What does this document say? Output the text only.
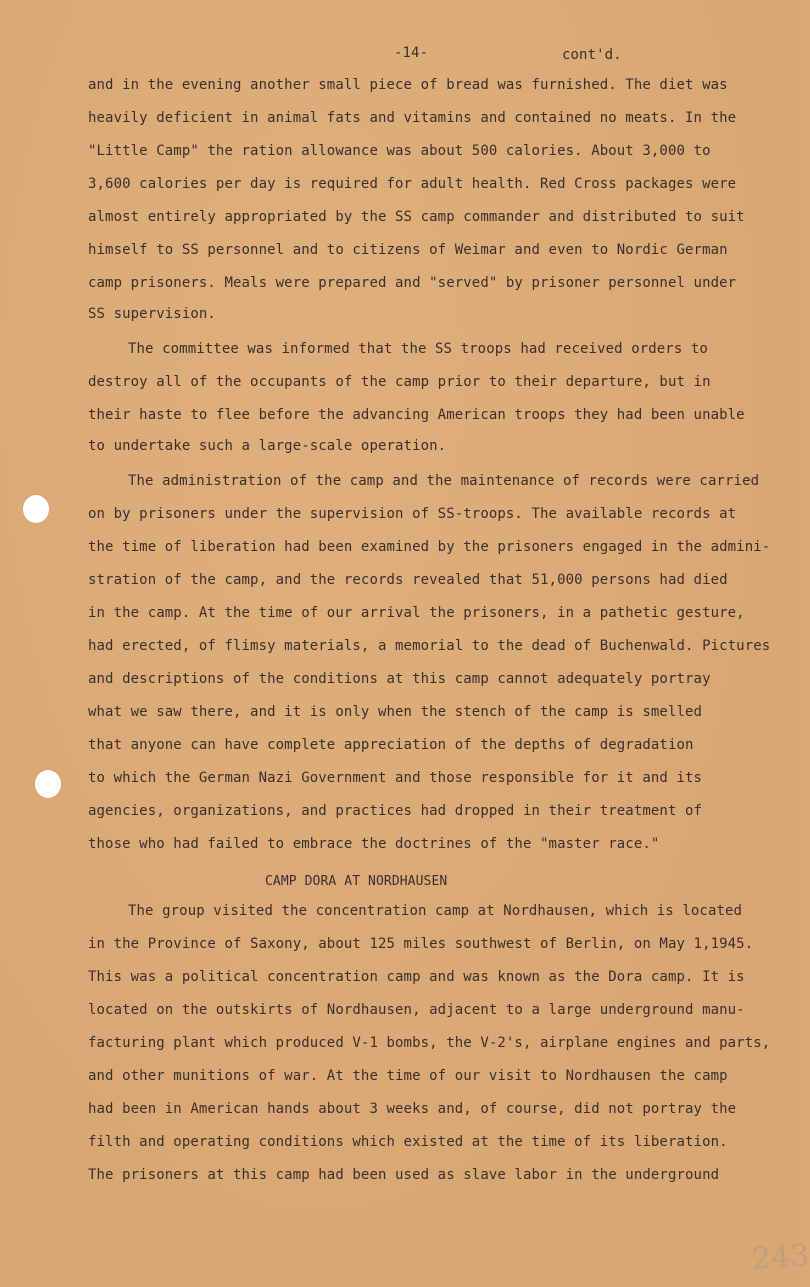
-14-	cont'd.
and in the evening another small piece of bread was furnished. The diet was
heavily deficient in animal fats and vitamins and contained no meats. In the
"Little Camp" the ration allowance was about 500 calories. About 3,000 to
3,600 calories per day is required for adult health. Red Cross packages were
almost entirely appropriated by the SS camp commander and distributed to suit
himself to SS personnel and to citizens of Weimar and even to Nordic German
camp prisoners. Meals were prepared and "served" by prisoner personnel under
SS supervision.
The committee was informed that the SS troops had received orders to
destroy all of the occupants of the camp prior to their departure, but in
their haste to flee before the advancing American troops they had been unable
to undertake such a large-scale operation.
The administration of the camp and the maintenance of records were carried
on by prisoners under the supervision of SS-troops. The available records at
the time of liberation had been examined by the prisoners engaged in the admini-
stration of the camp, and the records revealed that 51,000 persons had died
in the camp. At the time of our arrival the prisoners, in a pathetic gesture,
had erected, of flimsy materials, a memorial to the dead of Buchenwald. Pictures
and descriptions of the conditions at this camp cannot adequately portray
what we saw there, and it is only when the stench of the camp is smelled
that anyone can have complete appreciation of the depths of degradation
to which the German Nazi Government and those responsible for it and its
agencies, organizations, and practices had dropped in their treatment of
those who had failed to embrace the doctrines of the "master race."
CAMP DORA AT NORDHAUSEN
The group visited the concentration camp at Nordhausen, which is located
in the Province of Saxony, about 125 miles southwest of Berlin, on May 1,1945.
This was a political concentration camp and was known as the Dora camp. It is
located on the outskirts of Nordhausen, adjacent to a large underground manu-
facturing plant which produced V-1 bombs, the V-2's, airplane engines and parts,
and other munitions of war. At the time of our visit to Nordhausen the camp
had been in American hands about 3 weeks and, of course, did not portray the
filth and operating conditions which existed at the time of its liberation.
The prisoners at this camp had been used as slave labor in the underground
243
